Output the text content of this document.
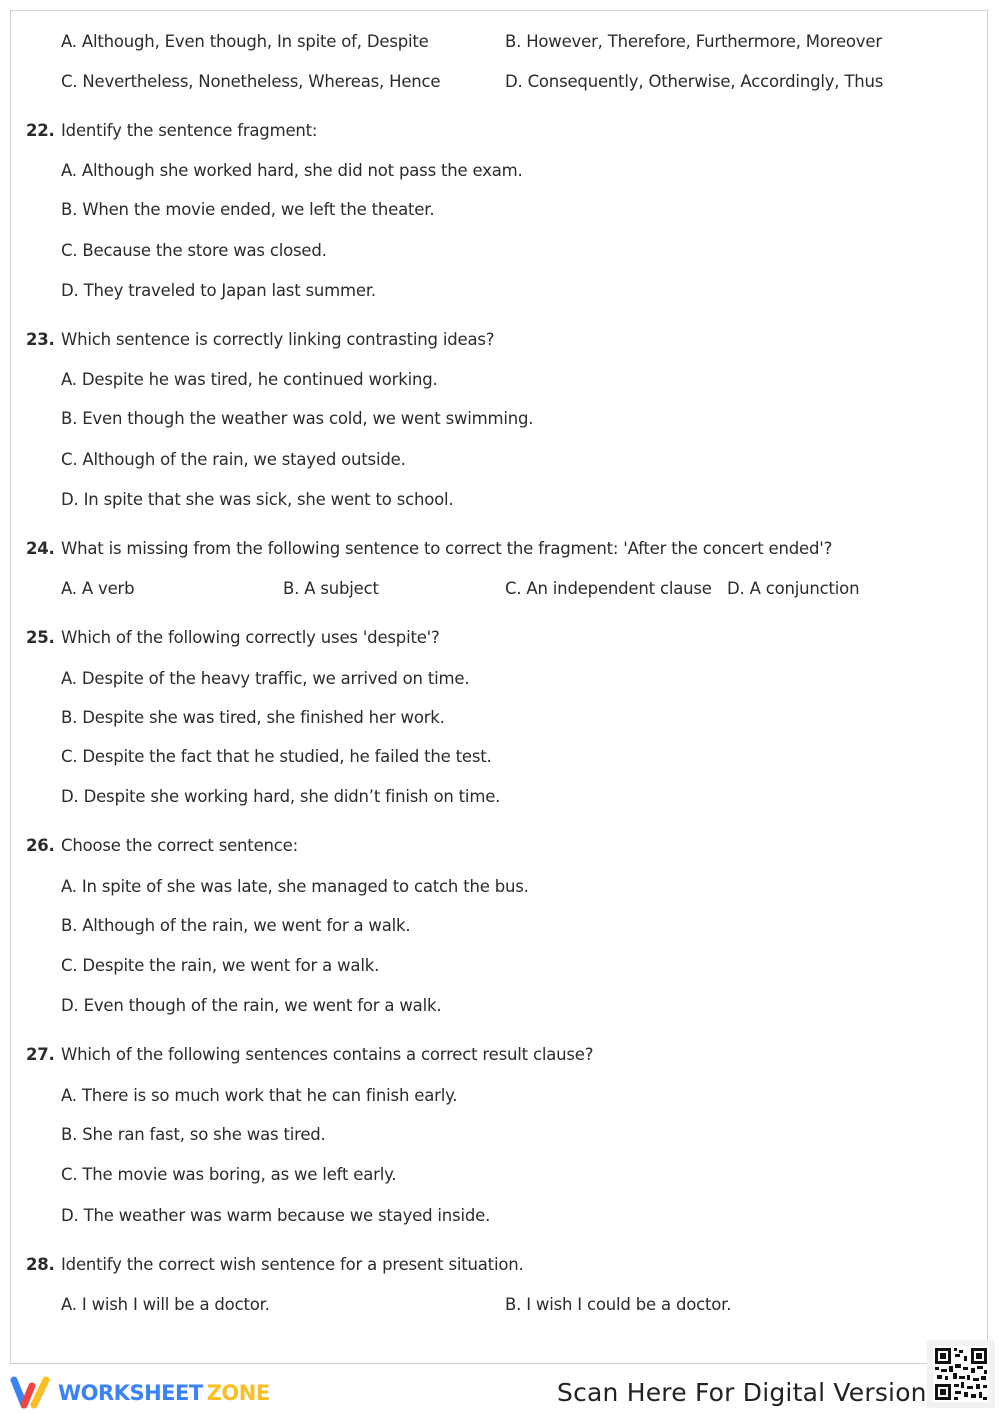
A. Although, Even though, In spite of, Despite	B. However, Therefore, Furthermore, Moreover
C. Nevertheless, Nonetheless, Whereas, Hence	D. Consequently, Otherwise, Accordingly, Thus
22. Identify the sentence fragment:
A. Although she worked hard, she did not pass the exam.
B. When the movie ended, we left the theater.
C. Because the store was closed.
D. They traveled to Japan last summer.
23. Which sentence is correctly linking contrasting ideas?
A. Despite he was tired, he continued working.
B. Even though the weather was cold, we went swimming.
C. Although of the rain, we stayed outside.
D. In spite that she was sick, she went to school.
24. What is missing from the following sentence to correct the fragment: 'After the concert ended'?
A. A verb	B. A subject	C. An independent clause D. A conjunction
25. Which of the following correctly uses 'despite'?
A. Despite of the heavy traffic, we arrived on time.
B. Despite she was tired, she finished her work.
C. Despite the fact that he studied, he failed the test.
D. Despite she working hard, she didn’t finish on time.
26. Choose the correct sentence:
A. In spite of she was late, she managed to catch the bus.
B. Although of the rain, we went for a walk.
C. Despite the rain, we went for a walk.
D. Even though of the rain, we went for a walk.
27. Which of the following sentences contains a correct result clause?
A. There is so much work that he can finish early.
B. She ran fast, so she was tired.
C. The movie was boring, as we left early.
D. The weather was warm because we stayed inside.
28. Identify the correct wish sentence for a present situation.
A. I wish I will be a doctor.	B. I wish I could be a doctor.
WORKSHEET ZONE	Scan Here For Digital Version
